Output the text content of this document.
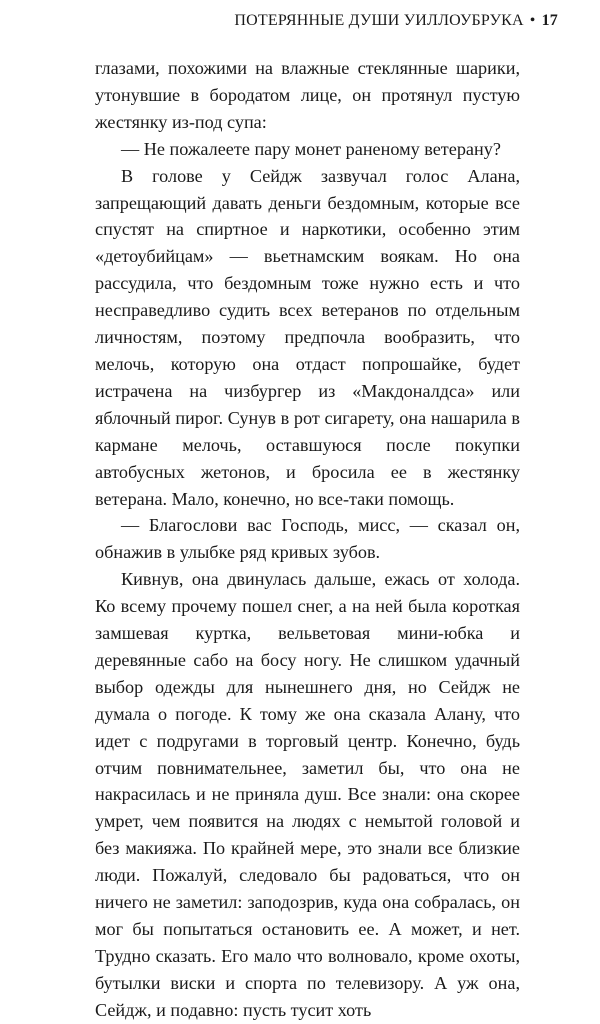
ПОТЕРЯННЫЕ ДУШИ УИЛЛОУБРУКА • 17

глазами, похожими на влажные стеклянные шарики, утонувшие в бородатом лице, он протянул пустую жестянку из-под супа:

— Не пожалеете пару монет раненому ветерану?

В голове у Сейдж зазвучал голос Алана, запрещающий давать деньги бездомным, которые все спустят на спиртное и наркотики, особенно этим «детоубийцам» — вьетнамским воякам. Но она рассудила, что бездомным тоже нужно есть и что несправедливо судить всех ветеранов по отдельным личностям, поэтому предпочла вообразить, что мелочь, которую она отдаст попрошайке, будет истрачена на чизбургер из «Макдоналдса» или яблочный пирог. Сунув в рот сигарету, она нашарила в кармане мелочь, оставшуюся после покупки автобусных жетонов, и бросила ее в жестянку ветерана. Мало, конечно, но все-таки помощь.

— Благослови вас Господь, мисс, — сказал он, обнажив в улыбке ряд кривых зубов.

Кивнув, она двинулась дальше, ежась от холода. Ко всему прочему пошел снег, а на ней была короткая замшевая куртка, вельветовая мини-юбка и деревянные сабо на босу ногу. Не слишком удачный выбор одежды для нынешнего дня, но Сейдж не думала о погоде. К тому же она сказала Алану, что идет с подругами в торговый центр. Конечно, будь отчим повнимательнее, заметил бы, что она не накрасилась и не приняла душ. Все знали: она скорее умрет, чем появится на людях с немытой головой и без макияжа. По крайней мере, это знали все близкие люди. Пожалуй, следовало бы радоваться, что он ничего не заметил: заподозрив, куда она собралась, он мог бы попытаться остановить ее. А может, и нет. Трудно сказать. Его мало что волновало, кроме охоты, бутылки виски и спорта по телевизору. А уж она, Сейдж, и подавно: пусть тусит хоть
